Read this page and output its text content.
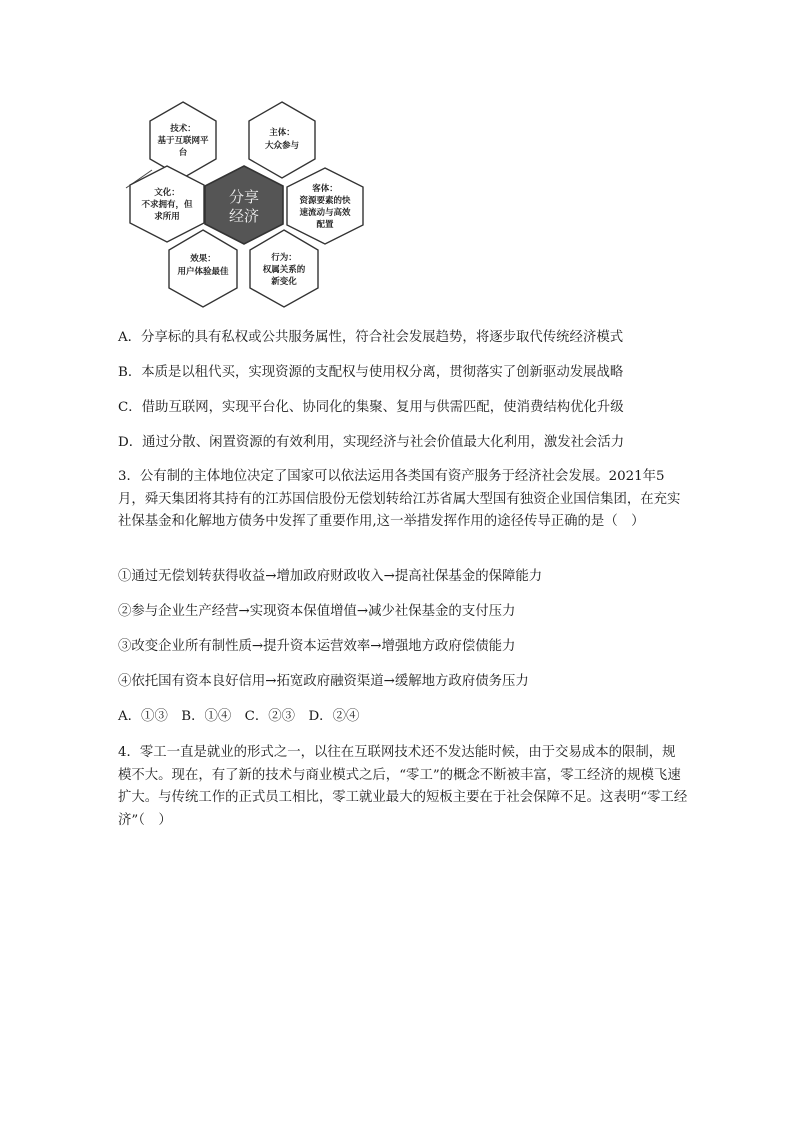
技术：
基于互联网平
台
主体：
大众参与
文化：
不求拥有，但
求所用
分享
经济
客体：
资源要素的快
速流动与高效
配置
效果：
用户体验最佳
行为：
权属关系的
新变化
A．分享标的具有私权或公共服务属性，符合社会发展趋势，将逐步取代传统经济模式
B．本质是以租代买，实现资源的支配权与使用权分离，贯彻落实了创新驱动发展战略
C．借助互联网，实现平台化、协同化的集聚、复用与供需匹配，使消费结构优化升级
D．通过分散、闲置资源的有效利用，实现经济与社会价值最大化利用，激发社会活力
3．公有制的主体地位决定了国家可以依法运用各类国有资产服务于经济社会发展。2021年5月，舜天集团将其持有的江苏国信股份无偿划转给江苏省属大型国有独资企业国信集团，在充实社保基金和化解地方债务中发挥了重要作用,这一举措发挥作用的途径传导正确的是（　）
①通过无偿划转获得收益→增加政府财政收入→提高社保基金的保障能力
②参与企业生产经营→实现资本保值增值→减少社保基金的支付压力
③改变企业所有制性质→提升资本运营效率→增强地方政府偿债能力
④依托国有资本良好信用→拓宽政府融资渠道→缓解地方政府债务压力
A．①③　B．①④　C．②③　D．②④
4．零工一直是就业的形式之一，以往在互联网技术还不发达能时候，由于交易成本的限制，规模不大。现在，有了新的技术与商业模式之后，“零工”的概念不断被丰富，零工经济的规模飞速扩大。与传统工作的正式员工相比，零工就业最大的短板主要在于社会保障不足。这表明“零工经济”（　）
